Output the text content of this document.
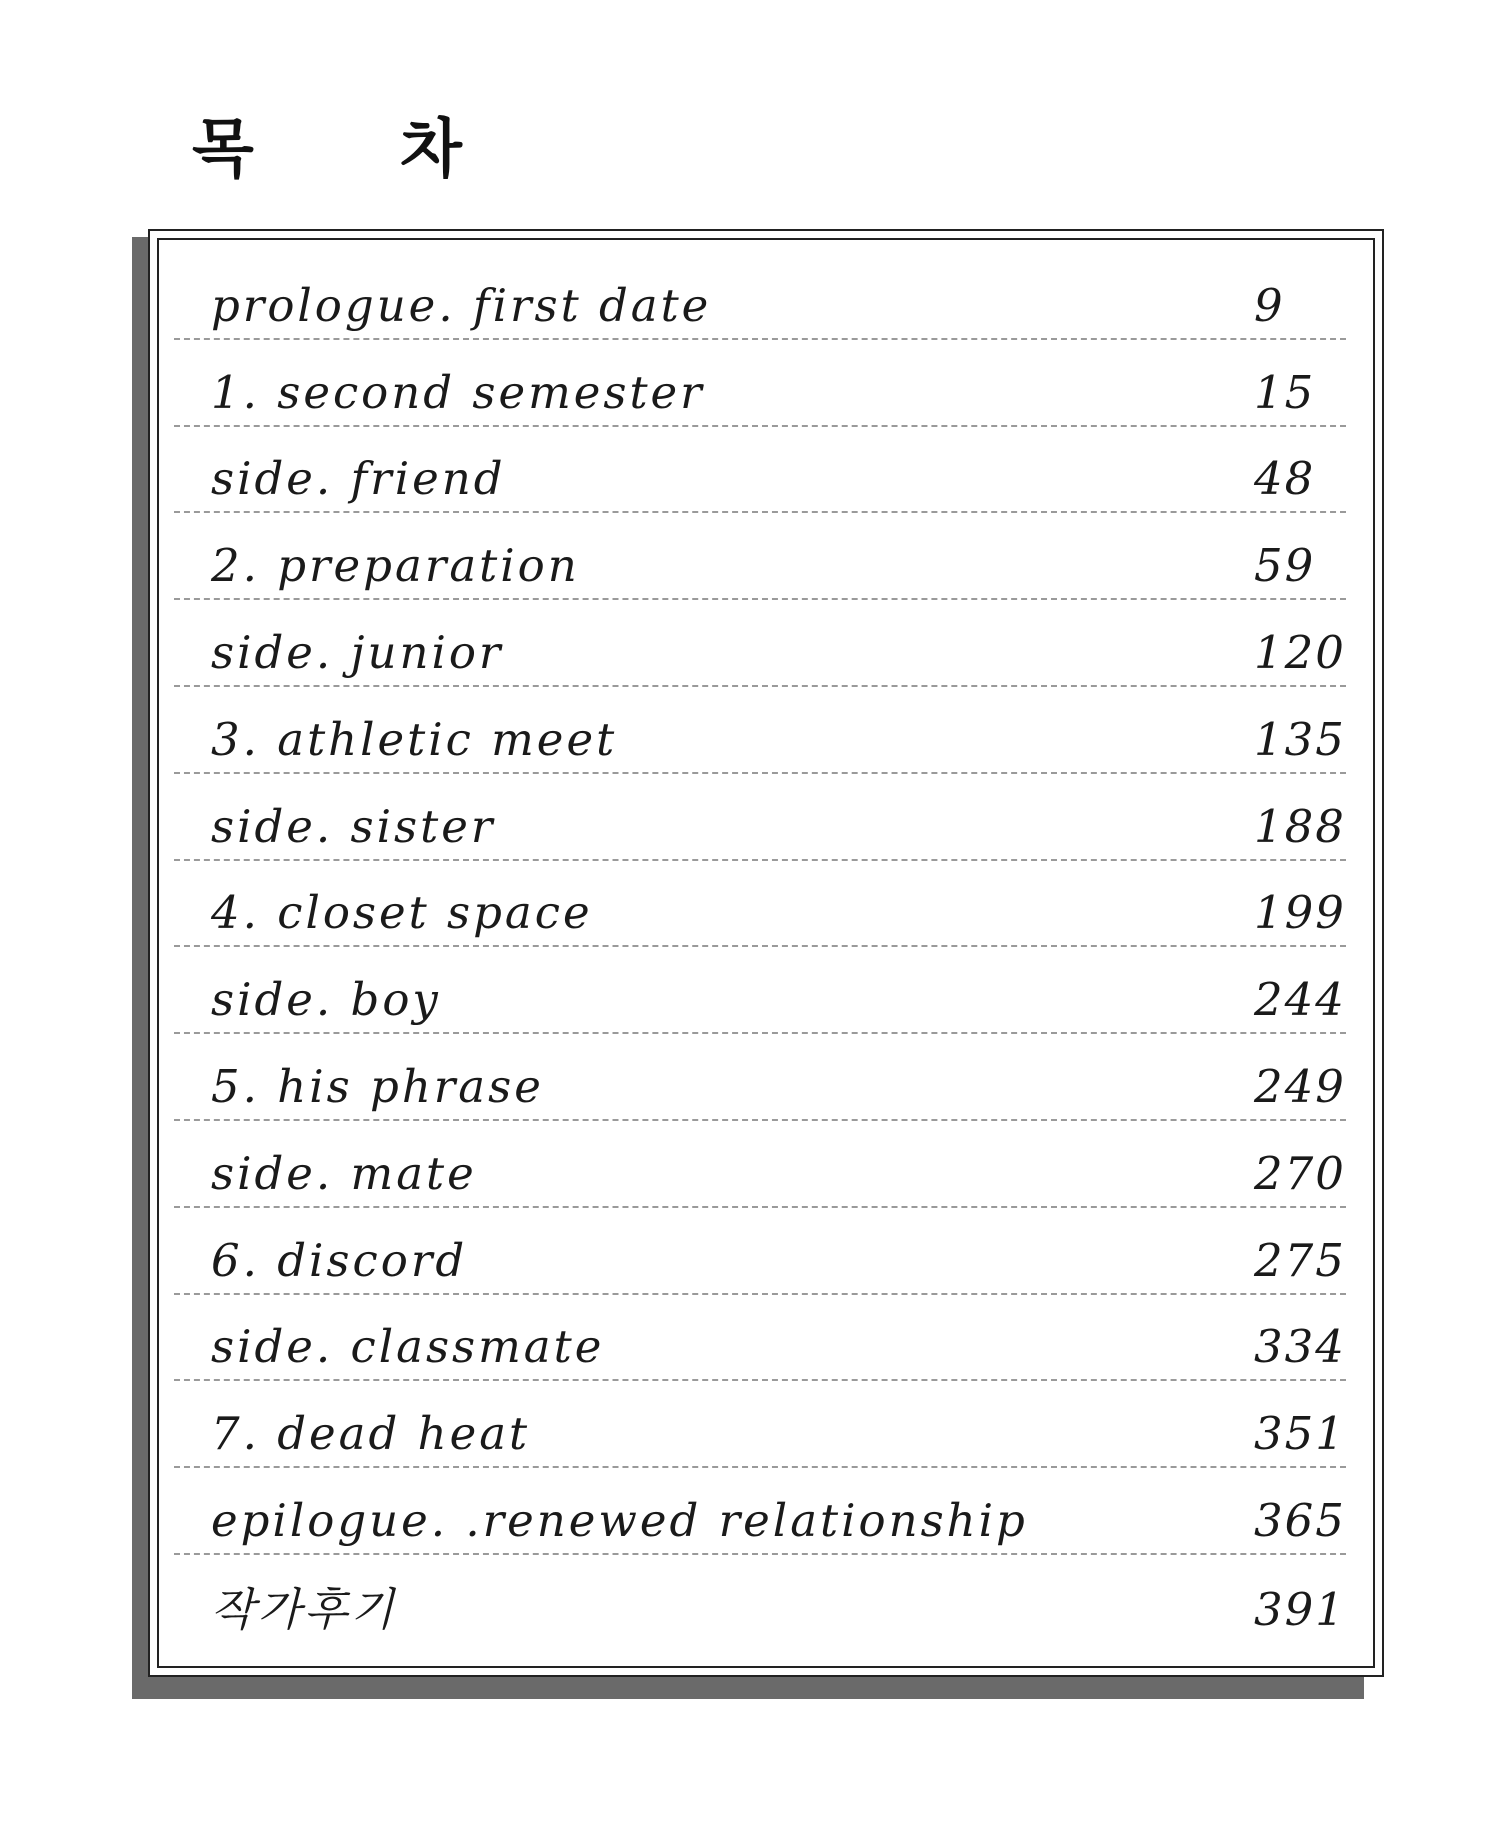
목 차
prologue. first date	9
1. second semester	15
side. friend	48
2. preparation	59
side. junior	120
3. athletic meet	135
side. sister	188
4. closet space	199
side. boy	244
5. his phrase	249
side. mate	270
6. discord	275
side. classmate	334
7. dead heat	351
epilogue. .renewed relationship	365
작가후기	391
